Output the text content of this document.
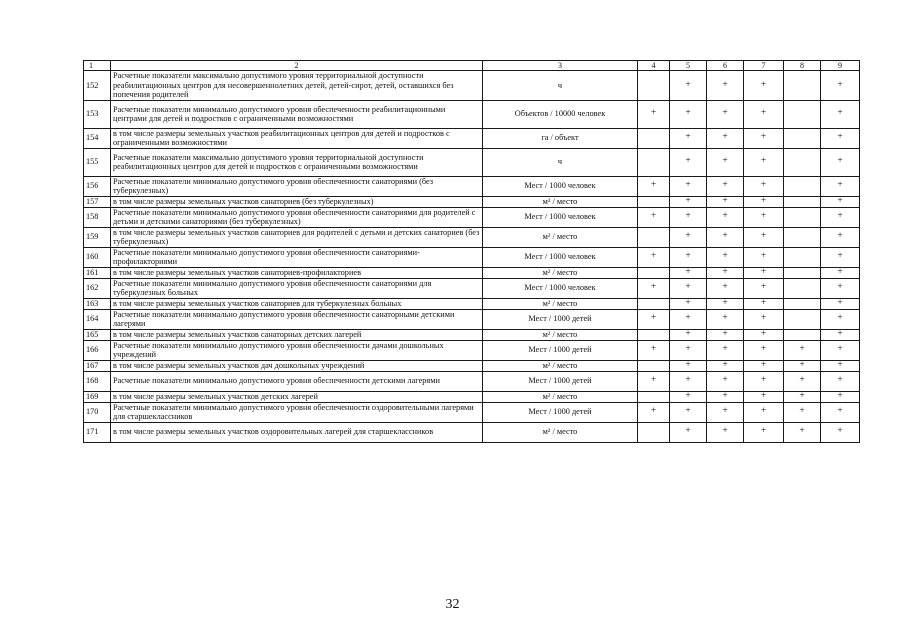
1	2	3	4	5	6	7	8	9
152	Расчетные показатели максимально допустимого уровня территориальной доступности реабилитационных центров для несовершеннолетних детей, детей-сирот, детей, оставшихся без попечения родителей	ч		+	+	+		+
153	Расчетные показатели минимально допустимого уровня обеспеченности реабилитационными центрами для детей и подростков с ограниченными возможностями	Объектов / 10000 человек	+	+	+	+		+
154	в том числе размеры земельных участков реабилитационных центров для детей и подростков с ограниченными возможностями	га / объект		+	+	+		+
155	Расчетные показатели максимально допустимого уровня территориальной доступности реабилитационных центров для детей и подростков с ограниченными возможностями	ч		+	+	+		+
156	Расчетные показатели минимально допустимого уровня обеспеченности санаториями (без туберкулезных)	Мест / 1000 человек	+	+	+	+		+
157	в том числе размеры земельных участков санаториев (без туберкулезных)	м² / место		+	+	+		+
158	Расчетные показатели минимально допустимого уровня обеспеченности санаториями для родителей с детьми и детскими санаториями (без туберкулезных)	Мест / 1000 человек	+	+	+	+		+
159	в том числе размеры земельных участков санаториев для родителей с детьми и детских санаториев (без туберкулезных)	м² / место		+	+	+		+
160	Расчетные показатели минимально допустимого уровня обеспеченности санаториями-профилакториями	Мест / 1000 человек	+	+	+	+		+
161	в том числе размеры земельных участков санаториев-профилакториев	м² / место		+	+	+		+
162	Расчетные показатели минимально допустимого уровня обеспеченности санаториями для туберкулезных больных	Мест / 1000 человек	+	+	+	+		+
163	в том числе размеры земельных участков санаториев для туберкулезных больных	м² / место		+	+	+		+
164	Расчетные показатели минимально допустимого уровня обеспеченности санаторными детскими лагерями	Мест / 1000 детей	+	+	+	+		+
165	в том числе размеры земельных участков санаторных детских лагерей	м² / место		+	+	+		+
166	Расчетные показатели минимально допустимого уровня обеспеченности дачами дошкольных учреждений	Мест / 1000 детей	+	+	+	+	+	+
167	в том числе размеры земельных участков дач дошкольных учреждений	м² / место		+	+	+	+	+
168	Расчетные показатели минимально допустимого уровня обеспеченности детскими лагерями	Мест / 1000 детей	+	+	+	+	+	+
169	в том числе размеры земельных участков детских лагерей	м² / место		+	+	+	+	+
170	Расчетные показатели минимально допустимого уровня обеспеченности оздоровительными лагерями для старшеклассников	Мест / 1000 детей	+	+	+	+	+	+
171	в том числе размеры земельных участков оздоровительных лагерей для старшеклассников	м² / место		+	+	+	+	+
32
